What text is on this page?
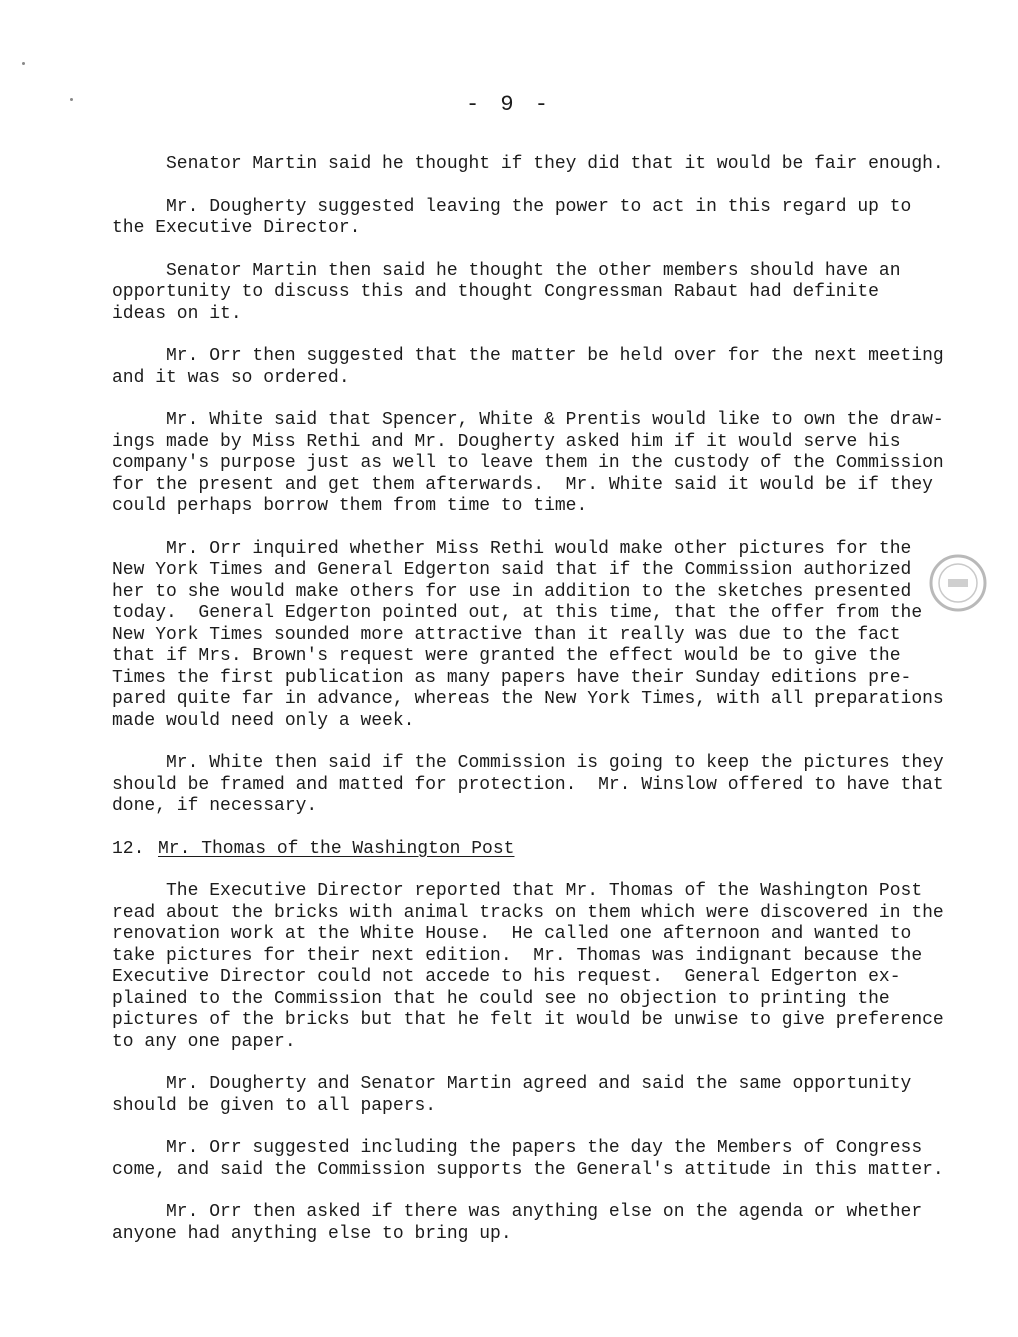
- 9 -
Senator Martin said he thought if they did that it would be fair enough.
Mr. Dougherty suggested leaving the power to act in this regard up to
the Executive Director.
Senator Martin then said he thought the other members should have an
opportunity to discuss this and thought Congressman Rabaut had definite
ideas on it.
Mr. Orr then suggested that the matter be held over for the next meeting
and it was so ordered.
Mr. White said that Spencer, White & Prentis would like to own the draw-
ings made by Miss Rethi and Mr. Dougherty asked him if it would serve his
company's purpose just as well to leave them in the custody of the Commission
for the present and get them afterwards.  Mr. White said it would be if they
could perhaps borrow them from time to time.
Mr. Orr inquired whether Miss Rethi would make other pictures for the
New York Times and General Edgerton said that if the Commission authorized
her to she would make others for use in addition to the sketches presented
today.  General Edgerton pointed out, at this time, that the offer from the
New York Times sounded more attractive than it really was due to the fact
that if Mrs. Brown's request were granted the effect would be to give the
Times the first publication as many papers have their Sunday editions pre-
pared quite far in advance, whereas the New York Times, with all preparations
made would need only a week.
Mr. White then said if the Commission is going to keep the pictures they
should be framed and matted for protection.  Mr. Winslow offered to have that
done, if necessary.
12. Mr. Thomas of the Washington Post
The Executive Director reported that Mr. Thomas of the Washington Post
read about the bricks with animal tracks on them which were discovered in the
renovation work at the White House.  He called one afternoon and wanted to
take pictures for their next edition.  Mr. Thomas was indignant because the
Executive Director could not accede to his request.  General Edgerton ex-
plained to the Commission that he could see no objection to printing the
pictures of the bricks but that he felt it would be unwise to give preference
to any one paper.
Mr. Dougherty and Senator Martin agreed and said the same opportunity
should be given to all papers.
Mr. Orr suggested including the papers the day the Members of Congress
come, and said the Commission supports the General's attitude in this matter.
Mr. Orr then asked if there was anything else on the agenda or whether
anyone had anything else to bring up.
